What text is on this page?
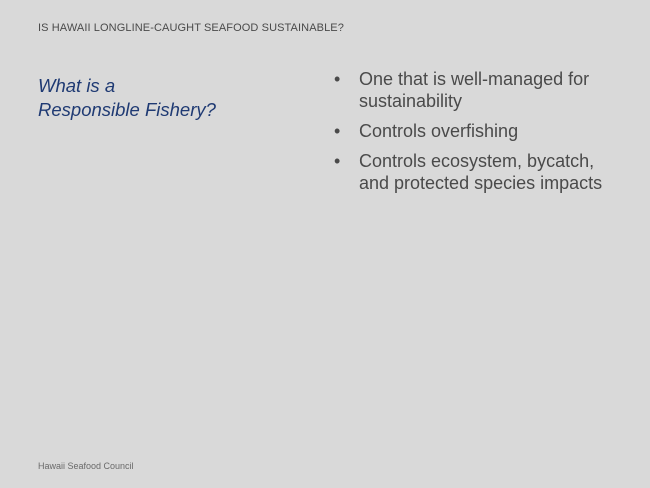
IS HAWAII LONGLINE-CAUGHT SEAFOOD SUSTAINABLE?
What is a
Responsible Fishery?
•	One that is well-managed for
sustainability
•	Controls overfishing
•	Controls ecosystem, bycatch,
and protected species impacts
Hawaii Seafood Council
